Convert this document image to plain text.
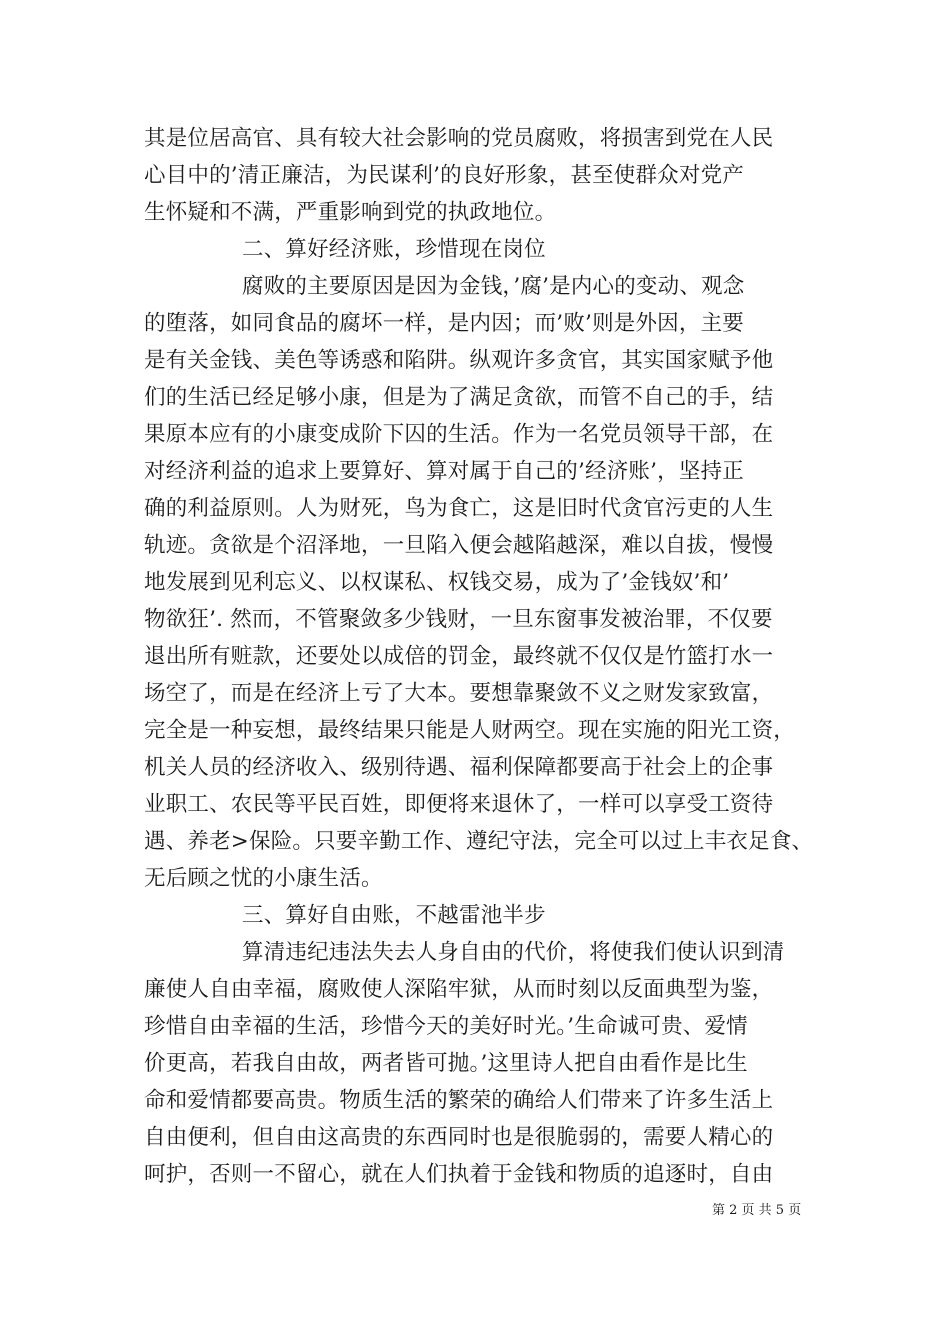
其是位居高官、具有较大社会影响的党员腐败，将损害到党在人民
心目中的’清正廉洁，为民谋利’的良好形象，甚至使群众对党产
生怀疑和不满，严重影响到党的执政地位。
二、算好经济账，珍惜现在岗位
腐败的主要原因是因为金钱，’腐’是内心的变动、观念
的堕落，如同食品的腐坏一样，是内因；而’败’则是外因，主要
是有关金钱、美色等诱惑和陷阱。纵观许多贪官，其实国家赋予他
们的生活已经足够小康，但是为了满足贪欲，而管不自己的手，结
果原本应有的小康变成阶下囚的生活。作为一名党员领导干部，在
对经济利益的追求上要算好、算对属于自己的’经济账’，坚持正
确的利益原则。人为财死，鸟为食亡，这是旧时代贪官污吏的人生
轨迹。贪欲是个沼泽地，一旦陷入便会越陷越深，难以自拔，慢慢
地发展到见利忘义、以权谋私、权钱交易，成为了’金钱奴’和’
物欲狂’. 然而，不管聚敛多少钱财，一旦东窗事发被治罪，不仅要
退出所有赃款，还要处以成倍的罚金，最终就不仅仅是竹篮打水一
场空了，而是在经济上亏了大本。要想靠聚敛不义之财发家致富，
完全是一种妄想，最终结果只能是人财两空。现在实施的阳光工资，
机关人员的经济收入、级别待遇、福利保障都要高于社会上的企事
业职工、农民等平民百姓，即便将来退休了，一样可以享受工资待
遇、养老>保险。只要辛勤工作、遵纪守法，完全可以过上丰衣足食、
无后顾之忧的小康生活。
三、算好自由账，不越雷池半步
算清违纪违法失去人身自由的代价，将使我们使认识到清
廉使人自由幸福，腐败使人深陷牢狱，从而时刻以反面典型为鉴，
珍惜自由幸福的生活，珍惜今天的美好时光。’生命诚可贵、爱情
价更高，若我自由故，两者皆可抛。’这里诗人把自由看作是比生
命和爱情都要高贵。物质生活的繁荣的确给人们带来了许多生活上
自由便利，但自由这高贵的东西同时也是很脆弱的，需要人精心的
呵护，否则一不留心，就在人们执着于金钱和物质的追逐时，自由
第 2 页 共 5 页
